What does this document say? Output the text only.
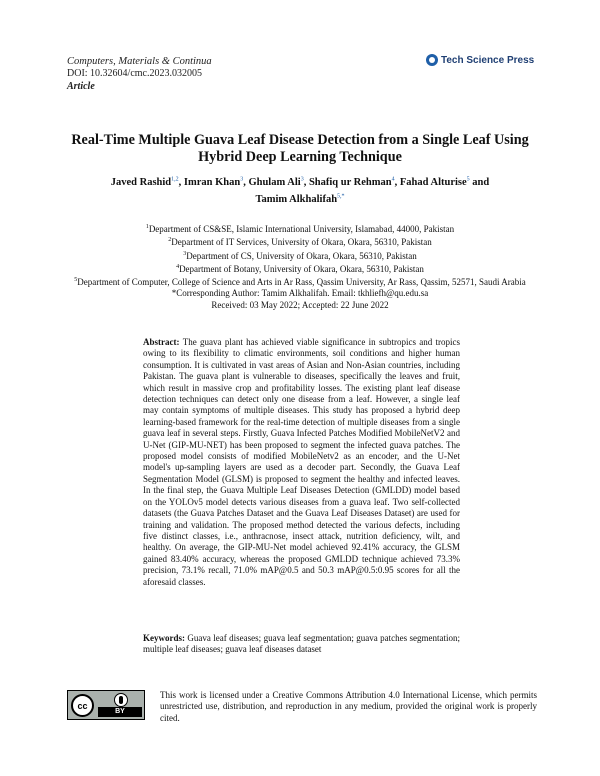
Computers, Materials & Continua
DOI: 10.32604/cmc.2023.032005
Article
Tech Science Press
Real-Time Multiple Guava Leaf Disease Detection from a Single Leaf Using
Hybrid Deep Learning Technique
Javed Rashid$^{1,2}$, Imran Khan$^3$, Ghulam Ali$^3$, Shafiq ur Rehman$^4$, Fahad Alturise$^5$ and
Tamim Alkhalifah$^{5,*}$
$^1$Department of CS&SE, Islamic International University, Islamabad, 44000, Pakistan
$^2$Department of IT Services, University of Okara, Okara, 56310, Pakistan
$^3$Department of CS, University of Okara, Okara, 56310, Pakistan
$^4$Department of Botany, University of Okara, Okara, 56310, Pakistan
$^5$Department of Computer, College of Science and Arts in Ar Rass, Qassim University, Ar Rass, Qassim, 52571, Saudi Arabia
*Corresponding Author: Tamim Alkhalifah. Email: tkhliefh@qu.edu.sa
Received: 03 May 2022; Accepted: 22 June 2022
Abstract: The guava plant has achieved viable significance in subtropics and tropics owing to its flexibility to climatic environments, soil conditions and higher human consumption. It is cultivated in vast areas of Asian and Non-Asian countries, including Pakistan. The guava plant is vulnerable to diseases, specifically the leaves and fruit, which result in massive crop and profitability losses. The existing plant leaf disease detection techniques can detect only one disease from a leaf. However, a single leaf may contain symptoms of multiple diseases. This study has proposed a hybrid deep learning-based framework for the real-time detection of multiple diseases from a single guava leaf in several steps. Firstly, Guava Infected Patches Modified MobileNetV2 and U-Net (GIP-MU-NET) has been proposed to segment the infected guava patches. The proposed model consists of modified MobileNetv2 as an encoder, and the U-Net model's up-sampling layers are used as a decoder part. Secondly, the Guava Leaf Segmentation Model (GLSM) is proposed to segment the healthy and infected leaves. In the final step, the Guava Multiple Leaf Diseases Detection (GMLDD) model based on the YOLOv5 model detects various diseases from a guava leaf. Two self-collected datasets (the Guava Patches Dataset and the Guava Leaf Diseases Dataset) are used for training and validation. The proposed method detected the various defects, including five distinct classes, i.e., anthracnose, insect attack, nutrition deficiency, wilt, and healthy. On average, the GIP-MU-Net model achieved 92.41% accuracy, the GLSM gained 83.40% accuracy, whereas the proposed GMLDD technique achieved 73.3% precision, 73.1% recall, 71.0% mAP@0.5 and 50.3 mAP@0.5:0.95 scores for all the aforesaid classes.
Keywords: Guava leaf diseases; guava leaf segmentation; guava patches segmentation; multiple leaf diseases; guava leaf diseases dataset
cc
BY
This work is licensed under a Creative Commons Attribution 4.0 International License, which permits unrestricted use, distribution, and reproduction in any medium, provided the original work is properly cited.
